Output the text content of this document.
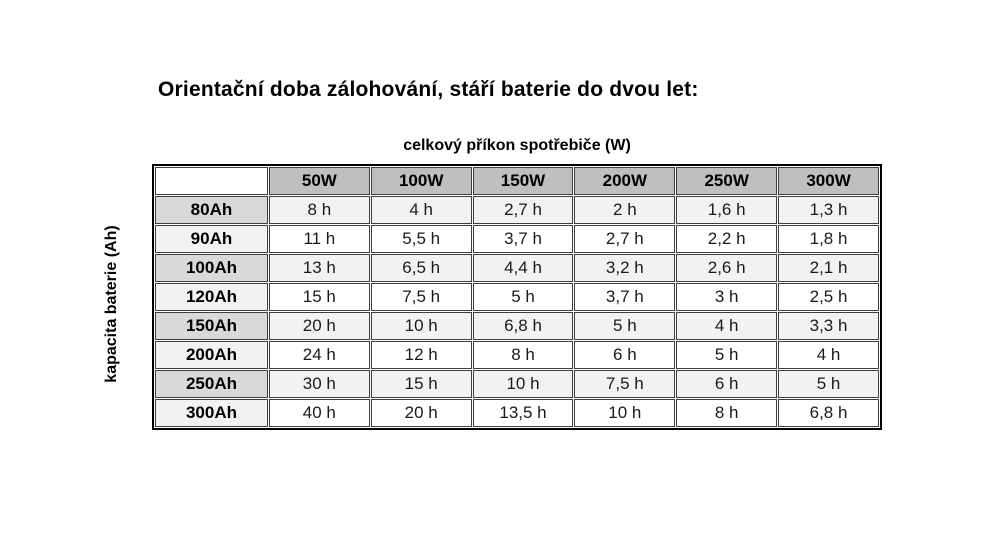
Orientační doba zálohování, stáří baterie do dvou let:
celkový příkon spotřebiče (W)
kapacita baterie (Ah)
	50W	100W	150W	200W	250W	300W
80Ah	8 h	4 h	2,7 h	2 h	1,6 h	1,3 h
90Ah	11 h	5,5 h	3,7 h	2,7 h	2,2 h	1,8 h
100Ah	13 h	6,5 h	4,4 h	3,2 h	2,6 h	2,1 h
120Ah	15 h	7,5 h	5 h	3,7 h	3 h	2,5 h
150Ah	20 h	10 h	6,8 h	5 h	4 h	3,3 h
200Ah	24 h	12 h	8 h	6 h	5 h	4 h
250Ah	30 h	15 h	10 h	7,5 h	6 h	5 h
300Ah	40 h	20 h	13,5 h	10 h	8 h	6,8 h
